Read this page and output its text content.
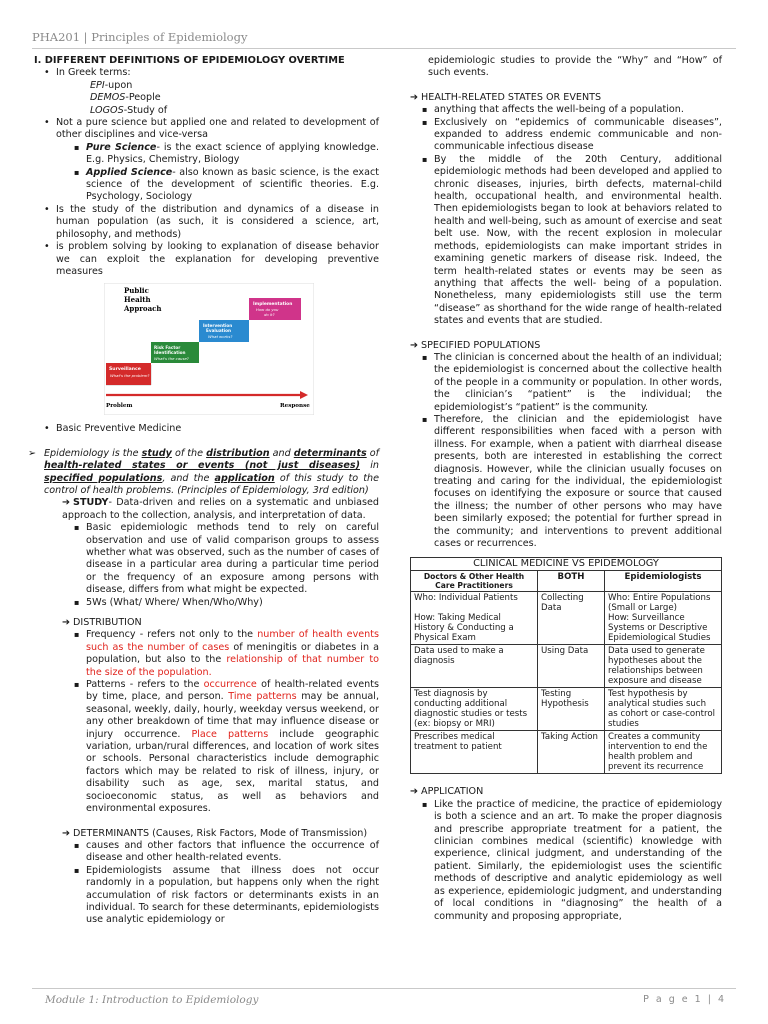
PHA201 | Principles of Epidemiology

I. DIFFERENT DEFINITIONS OF EPIDEMIOLOGY OVERTIME

• In Greek terms:

EPI-upon

DEMOS-People

LOGOS-Study of

• Not a pure science but applied one and related to development of other disciplines and vice-versa

▪ Pure Science- is the exact science of applying knowledge. E.g. Physics, Chemistry, Biology

▪ Applied Science- also known as basic science, is the exact science of the development of scientific theories. E.g. Psychology, Sociology

• Is the study of the distribution and dynamics of a disease in human population (as such, it is considered a science, art, philosophy, and methods)

• is problem solving by looking to explanation of disease behavior we can exploit the explanation for developing preventive measures

Public
Health
Approach
Surveillance
What's the problem?
Risk Factor
Identification
What's the cause?
Intervention
Evaluation
What works?
Implementation
How do you
do it?
Problem	Response

• Basic Preventive Medicine

➢ Epidemiology is the study of the distribution and determinants of health-related states or events (not just diseases) in specified populations, and the application of this study to the control of health problems. (Principles of Epidemiology, 3rd edition)

➔ STUDY- Data-driven and relies on a systematic and unbiased approach to the collection, analysis, and interpretation of data.

▪ Basic epidemiologic methods tend to rely on careful observation and use of valid comparison groups to assess whether what was observed, such as the number of cases of disease in a particular area during a particular time period or the frequency of an exposure among persons with disease, differs from what might be expected.

▪ 5Ws (What/ Where/ When/Who/Why)

➔ DISTRIBUTION

▪ Frequency - refers not only to the number of health events such as the number of cases of meningitis or diabetes in a population, but also to the relationship of that number to the size of the population.

▪ Patterns - refers to the occurrence of health-related events by time, place, and person. Time patterns may be annual, seasonal, weekly, daily, hourly, weekday versus weekend, or any other breakdown of time that may influence disease or injury occurrence. Place patterns include geographic variation, urban/rural differences, and location of work sites or schools. Personal characteristics include demographic factors which may be related to risk of illness, injury, or disability such as age, sex, marital status, and socioeconomic status, as well as behaviors and environmental exposures.

➔ DETERMINANTS (Causes, Risk Factors, Mode of Transmission)

▪ causes and other factors that influence the occurrence of disease and other health-related events.

▪ Epidemiologists assume that illness does not occur randomly in a population, but happens only when the right accumulation of risk factors or determinants exists in an individual. To search for these determinants, epidemiologists use analytic epidemiology or

epidemiologic studies to provide the “Why” and “How” of such events.

➔ HEALTH-RELATED STATES OR EVENTS

▪ anything that affects the well-being of a population.

▪ Exclusively on “epidemics of communicable diseases”, expanded to address endemic communicable and non-communicable infectious disease

▪ By the middle of the 20th Century, additional epidemiologic methods had been developed and applied to chronic diseases, injuries, birth defects, maternal-child health, occupational health, and environmental health. Then epidemiologists began to look at behaviors related to health and well-being, such as amount of exercise and seat belt use. Now, with the recent explosion in molecular methods, epidemiologists can make important strides in examining genetic markers of disease risk. Indeed, the term health-related states or events may be seen as anything that affects the well- being of a population. Nonetheless, many epidemiologists still use the term “disease” as shorthand for the wide range of health-related states and events that are studied.

➔ SPECIFIED POPULATIONS

▪ The clinician is concerned about the health of an individual; the epidemiologist is concerned about the collective health of the people in a community or population. In other words, the clinician’s “patient” is the individual; the epidemiologist’s “patient” is the community.

▪ Therefore, the clinician and the epidemiologist have different responsibilities when faced with a person with illness. For example, when a patient with diarrheal disease presents, both are interested in establishing the correct diagnosis. However, while the clinician usually focuses on treating and caring for the individual, the epidemiologist focuses on identifying the exposure or source that caused the illness; the number of other persons who may have been similarly exposed; the potential for further spread in the community; and interventions to prevent additional cases or recurrences.

CLINICAL MEDICINE VS EPIDEMOLOGY		
Doctors & Other Health Care Practitioners	BOTH	Epidemiologists
Who: Individual Patients

How: Taking Medical History & Conducting a Physical Exam	Collecting Data	Who: Entire Populations (Small or Large)
How: Surveillance Systems or Descriptive Epidemiological Studies
Data used to make a diagnosis	Using Data	Data used to generate hypotheses about the relationships between exposure and disease
Test diagnosis by conducting additional diagnostic studies or tests (ex: biopsy or MRI)	Testing Hypothesis	Test hypothesis by analytical studies such as cohort or case-control studies
Prescribes medical treatment to patient	Taking Action	Creates a community intervention to end the health problem and prevent its recurrence

➔ APPLICATION

▪ Like the practice of medicine, the practice of epidemiology is both a science and an art. To make the proper diagnosis and prescribe appropriate treatment for a patient, the clinician combines medical (scientific) knowledge with experience, clinical judgment, and understanding of the patient. Similarly, the epidemiologist uses the scientific methods of descriptive and analytic epidemiology as well as experience, epidemiologic judgment, and understanding of local conditions in “diagnosing” the health of a community and proposing appropriate,

Module 1: Introduction to Epidemiology	P a g e 1 | 4
